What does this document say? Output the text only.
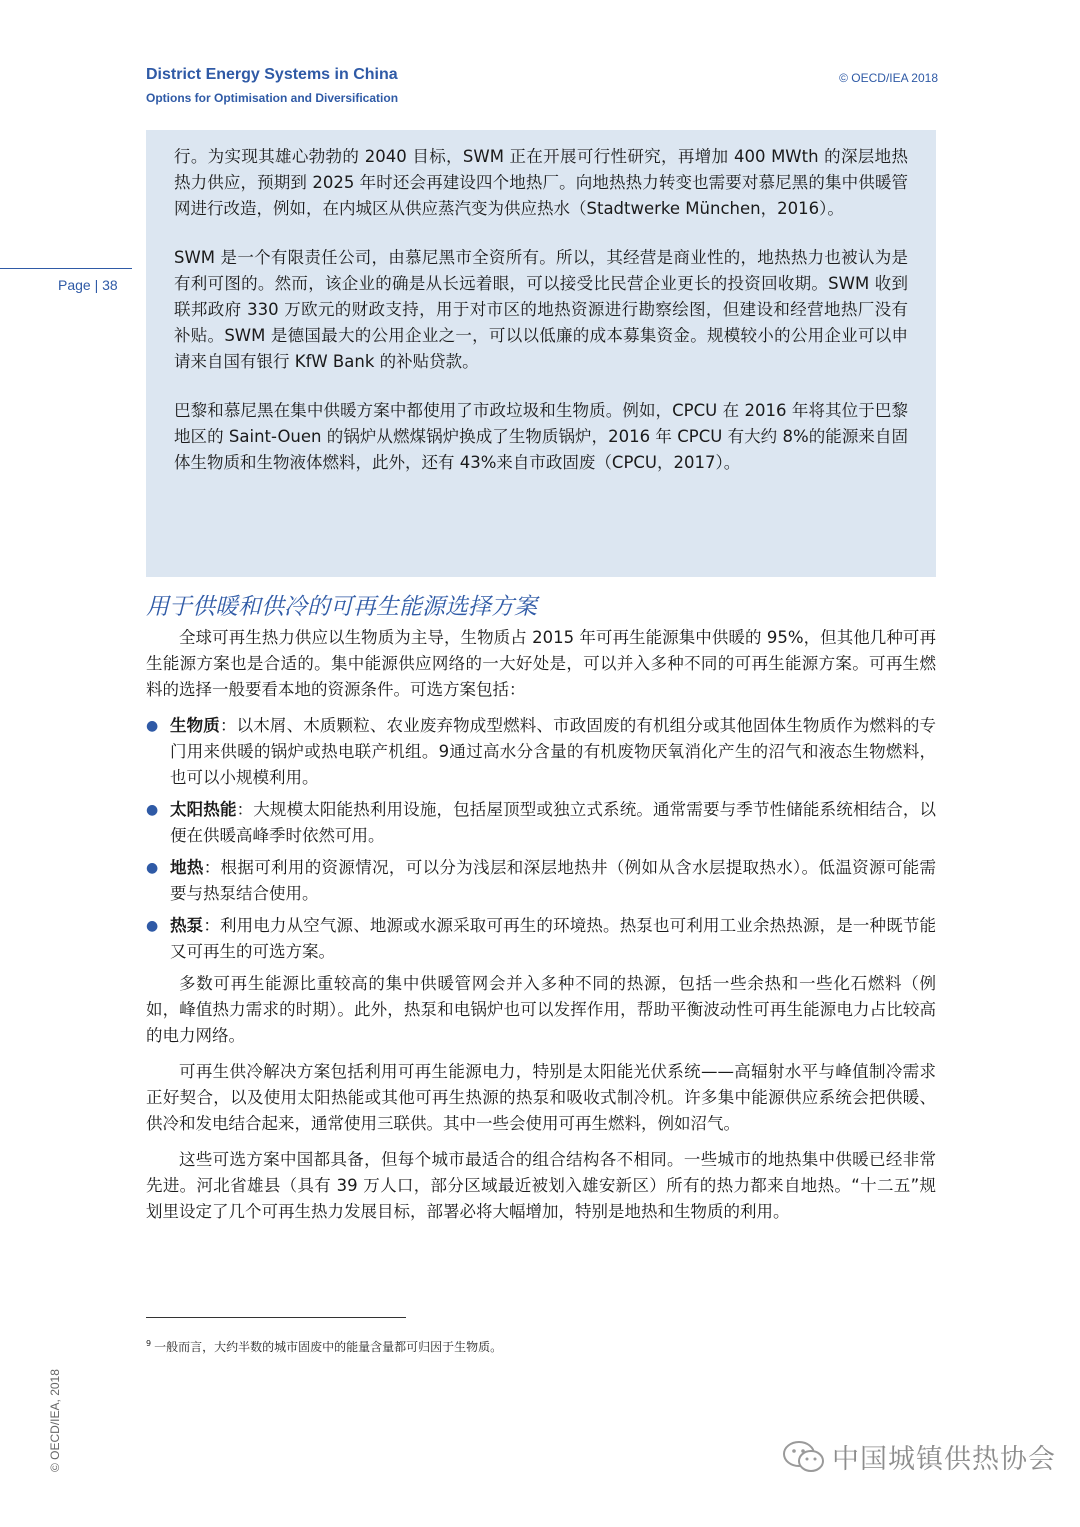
District Energy Systems in China
Options for Optimisation and Diversification
© OECD/IEA 2018
Page | 38
© OECD/IEA, 2018

行。为实现其雄心勃勃的 2040 目标，SWM 正在开展可行性研究，再增加 400 MWth 的深层地热热力供应，预期到 2025 年时还会再建设四个地热厂。向地热热力转变也需要对慕尼黑的集中供暖管网进行改造，例如，在内城区从供应蒸汽变为供应热水（Stadtwerke München，2016）。

SWM 是一个有限责任公司，由慕尼黑市全资所有。所以，其经营是商业性的，地热热力也被认为是有利可图的。然而，该企业的确是从长远着眼，可以接受比民营企业更长的投资回收期。SWM 收到联邦政府 330 万欧元的财政支持，用于对市区的地热资源进行勘察绘图，但建设和经营地热厂没有补贴。SWM 是德国最大的公用企业之一，可以以低廉的成本募集资金。规模较小的公用企业可以申请来自国有银行 KfW Bank 的补贴贷款。

巴黎和慕尼黑在集中供暖方案中都使用了市政垃圾和生物质。例如，CPCU 在 2016 年将其位于巴黎地区的 Saint-Ouen 的锅炉从燃煤锅炉换成了生物质锅炉，2016 年 CPCU 有大约 8%的能源来自固体生物质和生物液体燃料，此外，还有 43%来自市政固废（CPCU，2017）。

用于供暖和供冷的可再生能源选择方案

全球可再生热力供应以生物质为主导，生物质占 2015 年可再生能源集中供暖的 95%，但其他几种可再生能源方案也是合适的。集中能源供应网络的一大好处是，可以并入多种不同的可再生能源方案。可再生燃料的选择一般要看本地的资源条件。可选方案包括：

● 生物质：以木屑、木质颗粒、农业废弃物成型燃料、市政固废的有机组分或其他固体生物质作为燃料的专门用来供暖的锅炉或热电联产机组。9通过高水分含量的有机废物厌氧消化产生的沼气和液态生物燃料，也可以小规模利用。
● 太阳热能：大规模太阳能热利用设施，包括屋顶型或独立式系统。通常需要与季节性储能系统相结合，以便在供暖高峰季时依然可用。
● 地热：根据可利用的资源情况，可以分为浅层和深层地热井（例如从含水层提取热水）。低温资源可能需要与热泵结合使用。
● 热泵：利用电力从空气源、地源或水源采取可再生的环境热。热泵也可利用工业余热热源，是一种既节能又可再生的可选方案。

多数可再生能源比重较高的集中供暖管网会并入多种不同的热源，包括一些余热和一些化石燃料（例如，峰值热力需求的时期）。此外，热泵和电锅炉也可以发挥作用，帮助平衡波动性可再生能源电力占比较高的电力网络。

可再生供冷解决方案包括利用可再生能源电力，特别是太阳能光伏系统——高辐射水平与峰值制冷需求正好契合，以及使用太阳热能或其他可再生热源的热泵和吸收式制冷机。许多集中能源供应系统会把供暖、供冷和发电结合起来，通常使用三联供。其中一些会使用可再生燃料，例如沼气。

这些可选方案中国都具备，但每个城市最适合的组合结构各不相同。一些城市的地热集中供暖已经非常先进。河北省雄县（具有 39 万人口，部分区域最近被划入雄安新区）所有的热力都来自地热。“十二五”规划里设定了几个可再生热力发展目标，部署必将大幅增加，特别是地热和生物质的利用。

$^9$ 一般而言，大约半数的城市固废中的能量含量都可归因于生物质。
中国城镇供热协会
